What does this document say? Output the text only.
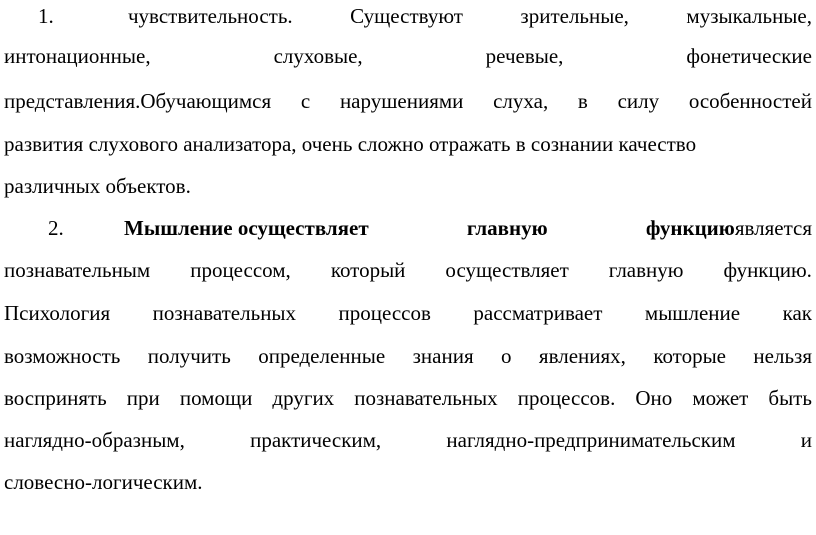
1.	чувствительность.	Существуют	зрительные,	музыкальные,
интонационные,	слуховые,	речевые,	фонетические
представления.Обучающимся с нарушениями слуха, в силу особенностей
развития слухового анализатора, очень сложно отражать в сознании качество
различных объектов.
2.	Мышление осуществляет	главную	функциюявляется
познавательным процессом, который осуществляет главную функцию.
Психология познавательных процессов рассматривает мышление как
возможность получить определенные знания о явлениях, которые нельзя
воспринять при помощи других познавательных процессов. Оно может быть
наглядно-образным,	практическим,	наглядно-предпринимательским	и
словесно-логическим.
